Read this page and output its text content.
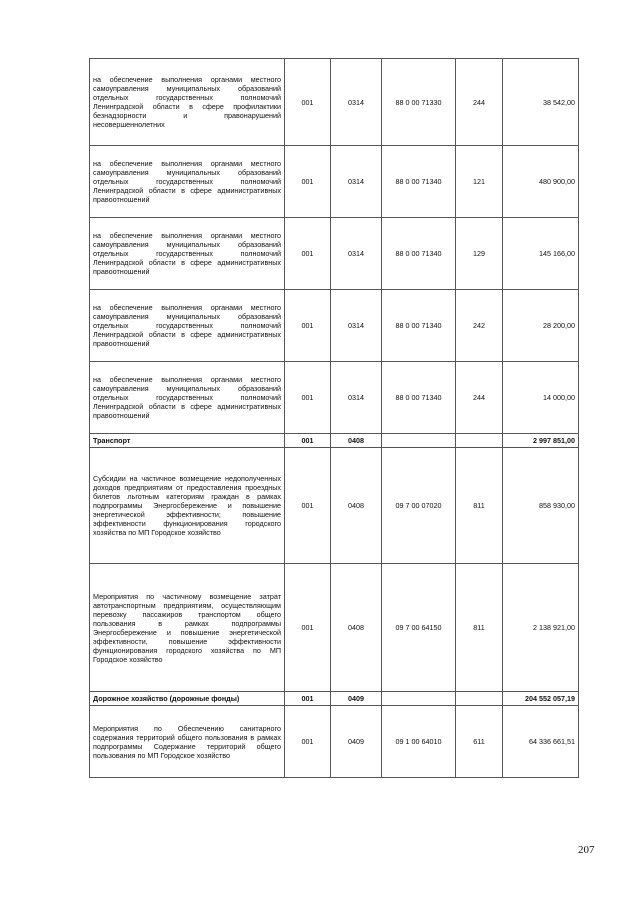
на обеспечение выполнения органами местного самоуправления муниципальных образований отдельных государственных полномочий Ленинградской области в сфере профилактики безнадзорности и правонарушений несовершеннолетних	001	0314	88 0 00 71330	244	38 542,00
на обеспечение выполнения органами местного самоуправления муниципальных образований отдельных государственных полномочий Ленинградской области в сфере административных правоотношений	001	0314	88 0 00 71340	121	480 900,00
на обеспечение выполнения органами местного самоуправления муниципальных образований отдельных государственных полномочий Ленинградской области в сфере административных правоотношений	001	0314	88 0 00 71340	129	145 166,00
на обеспечение выполнения органами местного самоуправления муниципальных образований отдельных государственных полномочий Ленинградской области в сфере административных правоотношений	001	0314	88 0 00 71340	242	28 200,00
на обеспечение выполнения органами местного самоуправления муниципальных образований отдельных государственных полномочий Ленинградской области в сфере административных правоотношений	001	0314	88 0 00 71340	244	14 000,00
Транспорт	001	0408			2 997 851,00
Субсидии на частичное возмещение недополученных доходов предприятиям от предоставления проездных билетов льготным категориям граждан в рамках подпрограммы Энергосбережение и повышение энергетической эффективности; повышение эффективности функционирования городского хозяйства по МП Городское хозяйство	001	0408	09 7 00 07020	811	858 930,00
Мероприятия по частичному возмещение затрат автотранспортным предприятиям, осуществляющим перевозку пассажиров транспортом общего пользования в рамках подпрограммы Энергосбережение и повышение энергетической эффективности, повышение эффективности функционирования городского хозяйства по МП Городское хозяйство	001	0408	09 7 00 64150	811	2 138 921,00
Дорожное хозяйство (дорожные фонды)	001	0409			204 552 057,19
Мероприятия по Обеспечению санитарного содержания территорий общего пользования в рамках подпрограммы Содержание территорий общего пользования по МП Городское хозяйство	001	0409	09 1 00 64010	611	64 336 661,51
207
